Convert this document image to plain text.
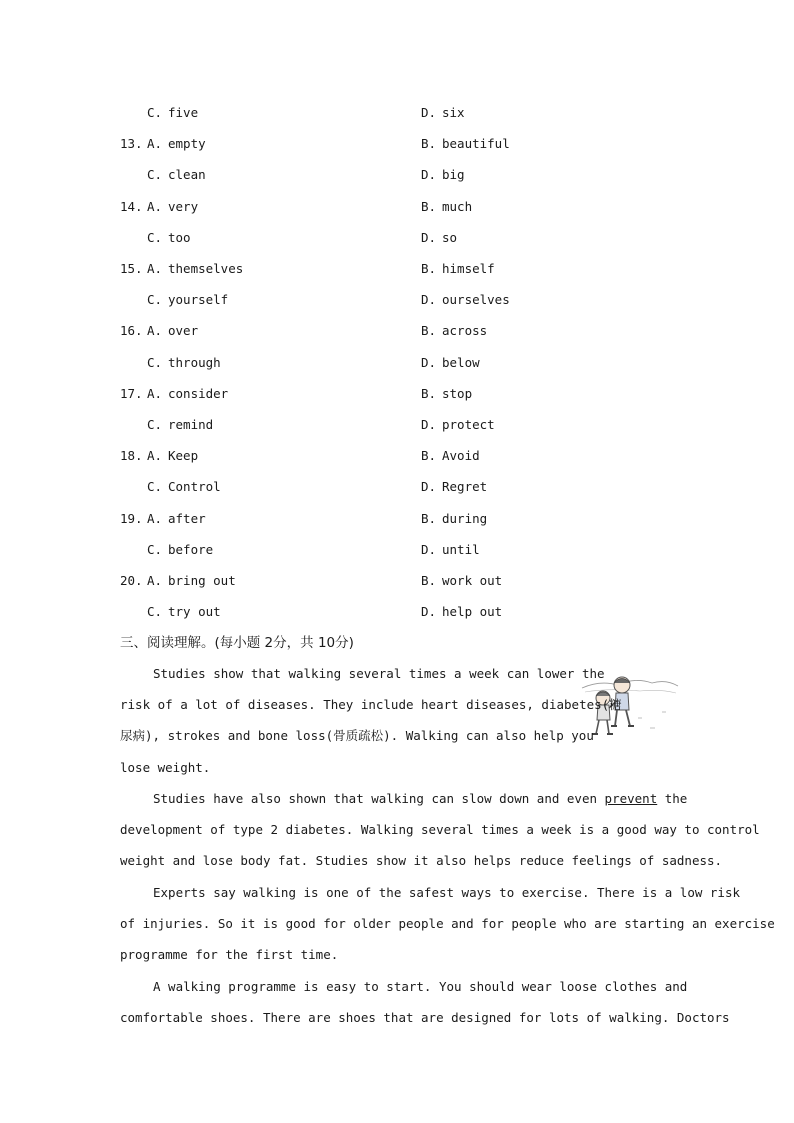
C. five	D. six
13. A. empty	B. beautiful
C. clean	D. big
14. A. very	B. much
C. too	D. so
15. A. themselves	B. himself
C. yourself	D. ourselves
16. A. over	B. across
C. through	D. below
17. A. consider	B. stop
C. remind	D. protect
18. A. Keep	B. Avoid
C. Control	D. Regret
19. A. after	B. during
C. before	D. until
20. A. bring out	B. work out
C. try out	D. help out
三、阅读理解。(每小题 2分，共 10分)
Studies show that walking several times a week can lower the
risk of a lot of diseases. They include heart diseases, diabetes(糖
尿病), strokes and bone loss(骨质疏松). Walking can also help you
lose weight.
Studies have also shown that walking can slow down and even prevent the
development of type 2 diabetes. Walking several times a week is a good way to control
weight and lose body fat. Studies show it also helps reduce feelings of sadness.
Experts say walking is one of the safest ways to exercise. There is a low risk
of injuries. So it is good for older people and for people who are starting an exercise
programme for the first time.
A walking programme is easy to start. You should wear loose clothes and
comfortable shoes. There are shoes that are designed for lots of walking. Doctors
